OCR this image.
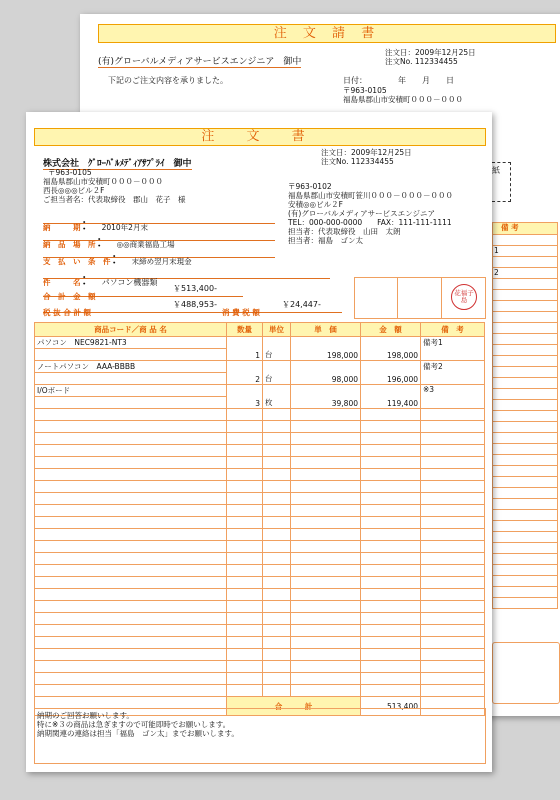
注 文 請 書
(有)グローバルメディアサービスエンジニア　御中
注文日：2009年12月25日
注文No. 112334455
下記のご注文内容を承りました。	日付：	年　　月　　日
〒963-0105
福島県郡山市安積町０００－０００
紙
備 考
1
2
注 文 書
株式会社　ｸﾞﾛｰﾊﾞﾙﾒﾃﾞｨｱｻﾌﾟﾗｲ　御中
〒963-0105
福島県郡山市安積町０００－０００
西長◎◎◎ビル２F
ご担当者名：代表取締役　郡山　花子　様
注文日：2009年12月25日
注文No. 112334455
〒963-0102
福島県郡山市安積町笹川０００－０００－０００
安積◎◎ビル２F
(有)グローバルメディアサービスエンジニア
TEL：000-000-0000　　FAX：111-111-1111
担当者：代表取締役　山田　太朗
担当者：福島　ゴン太
納　　　期： 2010年2月末
納　品　場　所： ◎◎商業福島工場
支　払　い　条　件： 末締め翌月末現金
件　　　名： パソコン機器類
合　計　金　額
￥513,400-
税 抜 合 計 額
￥488,953-
消 費 税 額
￥24,447-
花福子島
商品コード／商 品 名	数量	単位	単　価	金　額	備　考
パソコン　NEC9821-NT3	1	台	198,000	198,000	備考1

ノートパソコン　AAA-BBBB	2	台	98,000	196,000	備考2

I/Oボード	3	枚	39,800	119,400	※3

	合　　　計			513,400	
納期のご回答お願いします。
特に※３の商品は急ぎますので可能即時でお願いします。
納期関連の連絡は担当「福島　ゴン太」までお願いします。
